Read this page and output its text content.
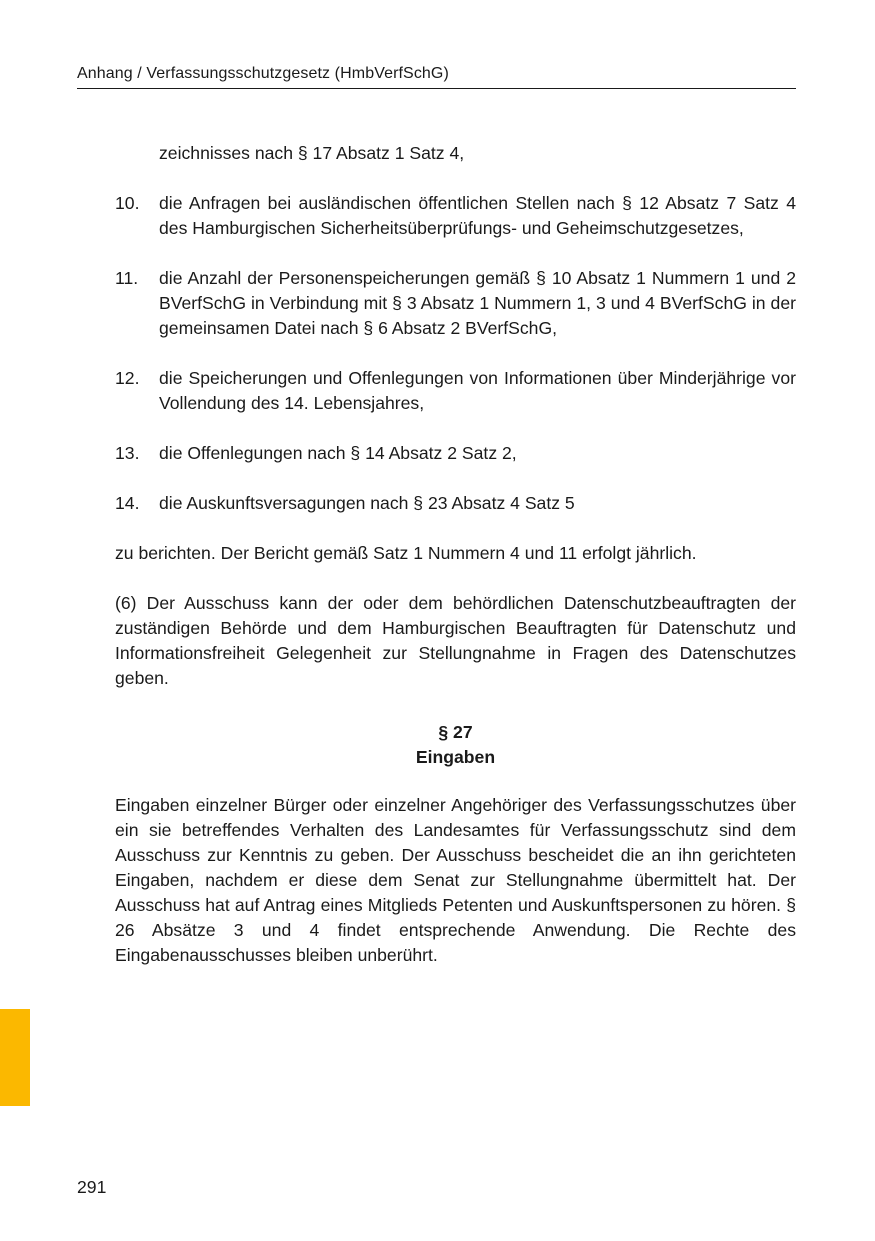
Anhang / Verfassungsschutzgesetz (HmbVerfSchG)

zeichnisses nach § 17 Absatz 1 Satz 4,

10.	die Anfragen bei ausländischen öffentlichen Stellen nach § 12 Absatz 7 Satz 4 des Hamburgischen Sicherheitsüberprüfungs- und Geheimschutzgesetzes,
11.	die Anzahl der Personenspeicherungen gemäß § 10 Absatz 1 Nummern 1 und 2 BVerfSchG in Verbindung mit § 3 Absatz 1 Nummern 1, 3 und 4 BVerfSchG in der gemeinsamen Datei nach § 6 Absatz 2 BVerfSchG,
12.	die Speicherungen und Offenlegungen von Informationen über Minderjährige vor Vollendung des 14. Lebensjahres,
13.	die Offenlegungen nach § 14 Absatz 2 Satz 2,
14.	die Auskunftsversagungen nach § 23 Absatz 4 Satz 5

zu berichten. Der Bericht gemäß Satz 1 Nummern 4 und 11 erfolgt jährlich.

(6) Der Ausschuss kann der oder dem behördlichen Datenschutzbeauftragten der zuständigen Behörde und dem Hamburgischen Beauftragten für Datenschutz und Informationsfreiheit Gelegenheit zur Stellungnahme in Fragen des Datenschutzes geben.

§ 27
Eingaben

Eingaben einzelner Bürger oder einzelner Angehöriger des Verfassungsschutzes über ein sie betreffendes Verhalten des Landesamtes für Verfassungsschutz sind dem Ausschuss zur Kenntnis zu geben. Der Ausschuss bescheidet die an ihn gerichteten Eingaben, nachdem er diese dem Senat zur Stellungnahme übermittelt hat. Der Ausschuss hat auf Antrag eines Mitglieds Petenten und Auskunftspersonen zu hören. § 26 Absätze 3 und 4 findet entsprechende Anwendung. Die Rechte des Eingabenausschusses bleiben unberührt.

291
